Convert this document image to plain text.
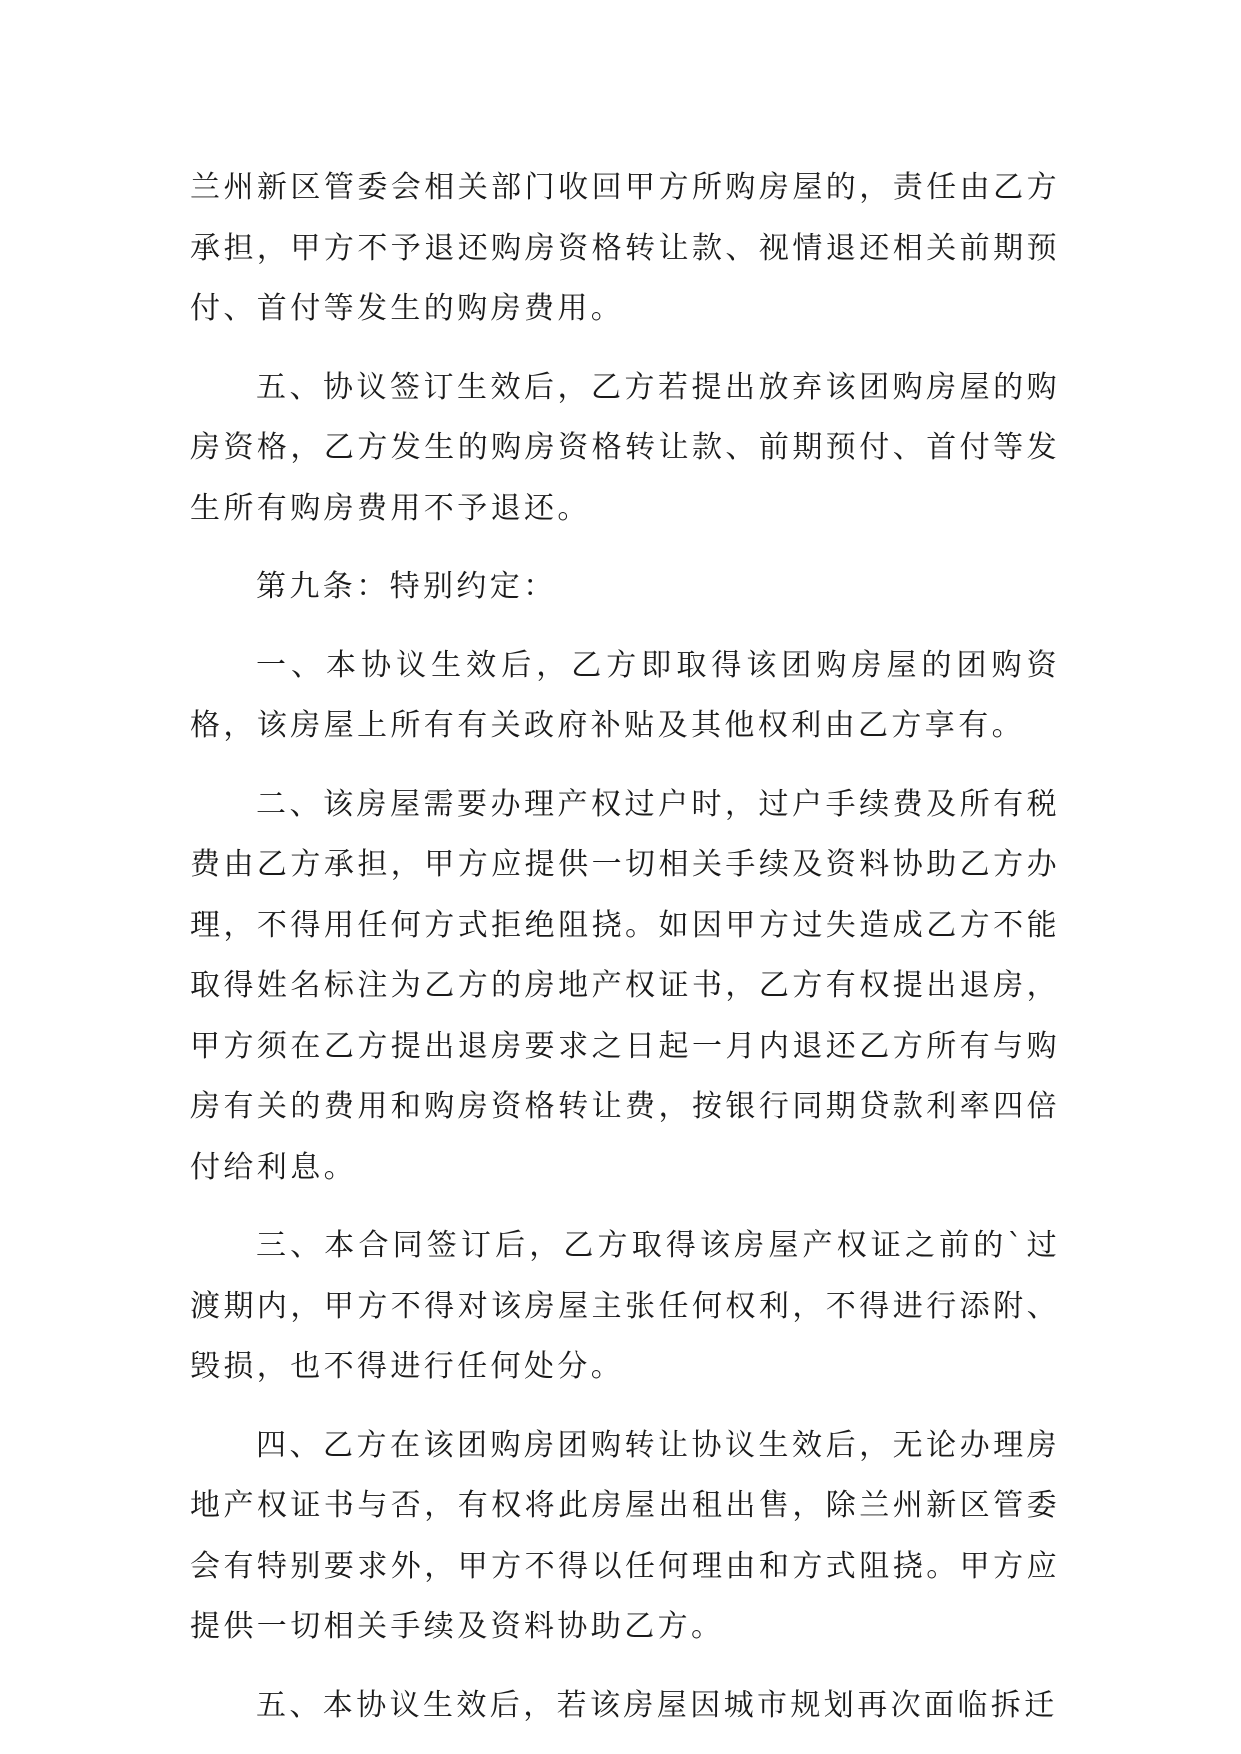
兰州新区管委会相关部门收回甲方所购房屋的，责任由乙方承担，甲方不予退还购房资格转让款、视情退还相关前期预付、首付等发生的购房费用。

五、协议签订生效后，乙方若提出放弃该团购房屋的购房资格，乙方发生的购房资格转让款、前期预付、首付等发生所有购房费用不予退还。

第九条：特别约定：

一、本协议生效后，乙方即取得该团购房屋的团购资格，该房屋上所有有关政府补贴及其他权利由乙方享有。

二、该房屋需要办理产权过户时，过户手续费及所有税费由乙方承担，甲方应提供一切相关手续及资料协助乙方办理，不得用任何方式拒绝阻挠。如因甲方过失造成乙方不能取得姓名标注为乙方的房地产权证书，乙方有权提出退房，甲方须在乙方提出退房要求之日起一月内退还乙方所有与购房有关的费用和购房资格转让费，按银行同期贷款利率四倍付给利息。

三、本合同签订后，乙方取得该房屋产权证之前的`过渡期内，甲方不得对该房屋主张任何权利，不得进行添附、毁损，也不得进行任何处分。

四、乙方在该团购房团购转让协议生效后，无论办理房地产权证书与否，有权将此房屋出租出售，除兰州新区管委会有特别要求外，甲方不得以任何理由和方式阻挠。甲方应提供一切相关手续及资料协助乙方。

五、本协议生效后，若该房屋因城市规划再次面临拆迁
